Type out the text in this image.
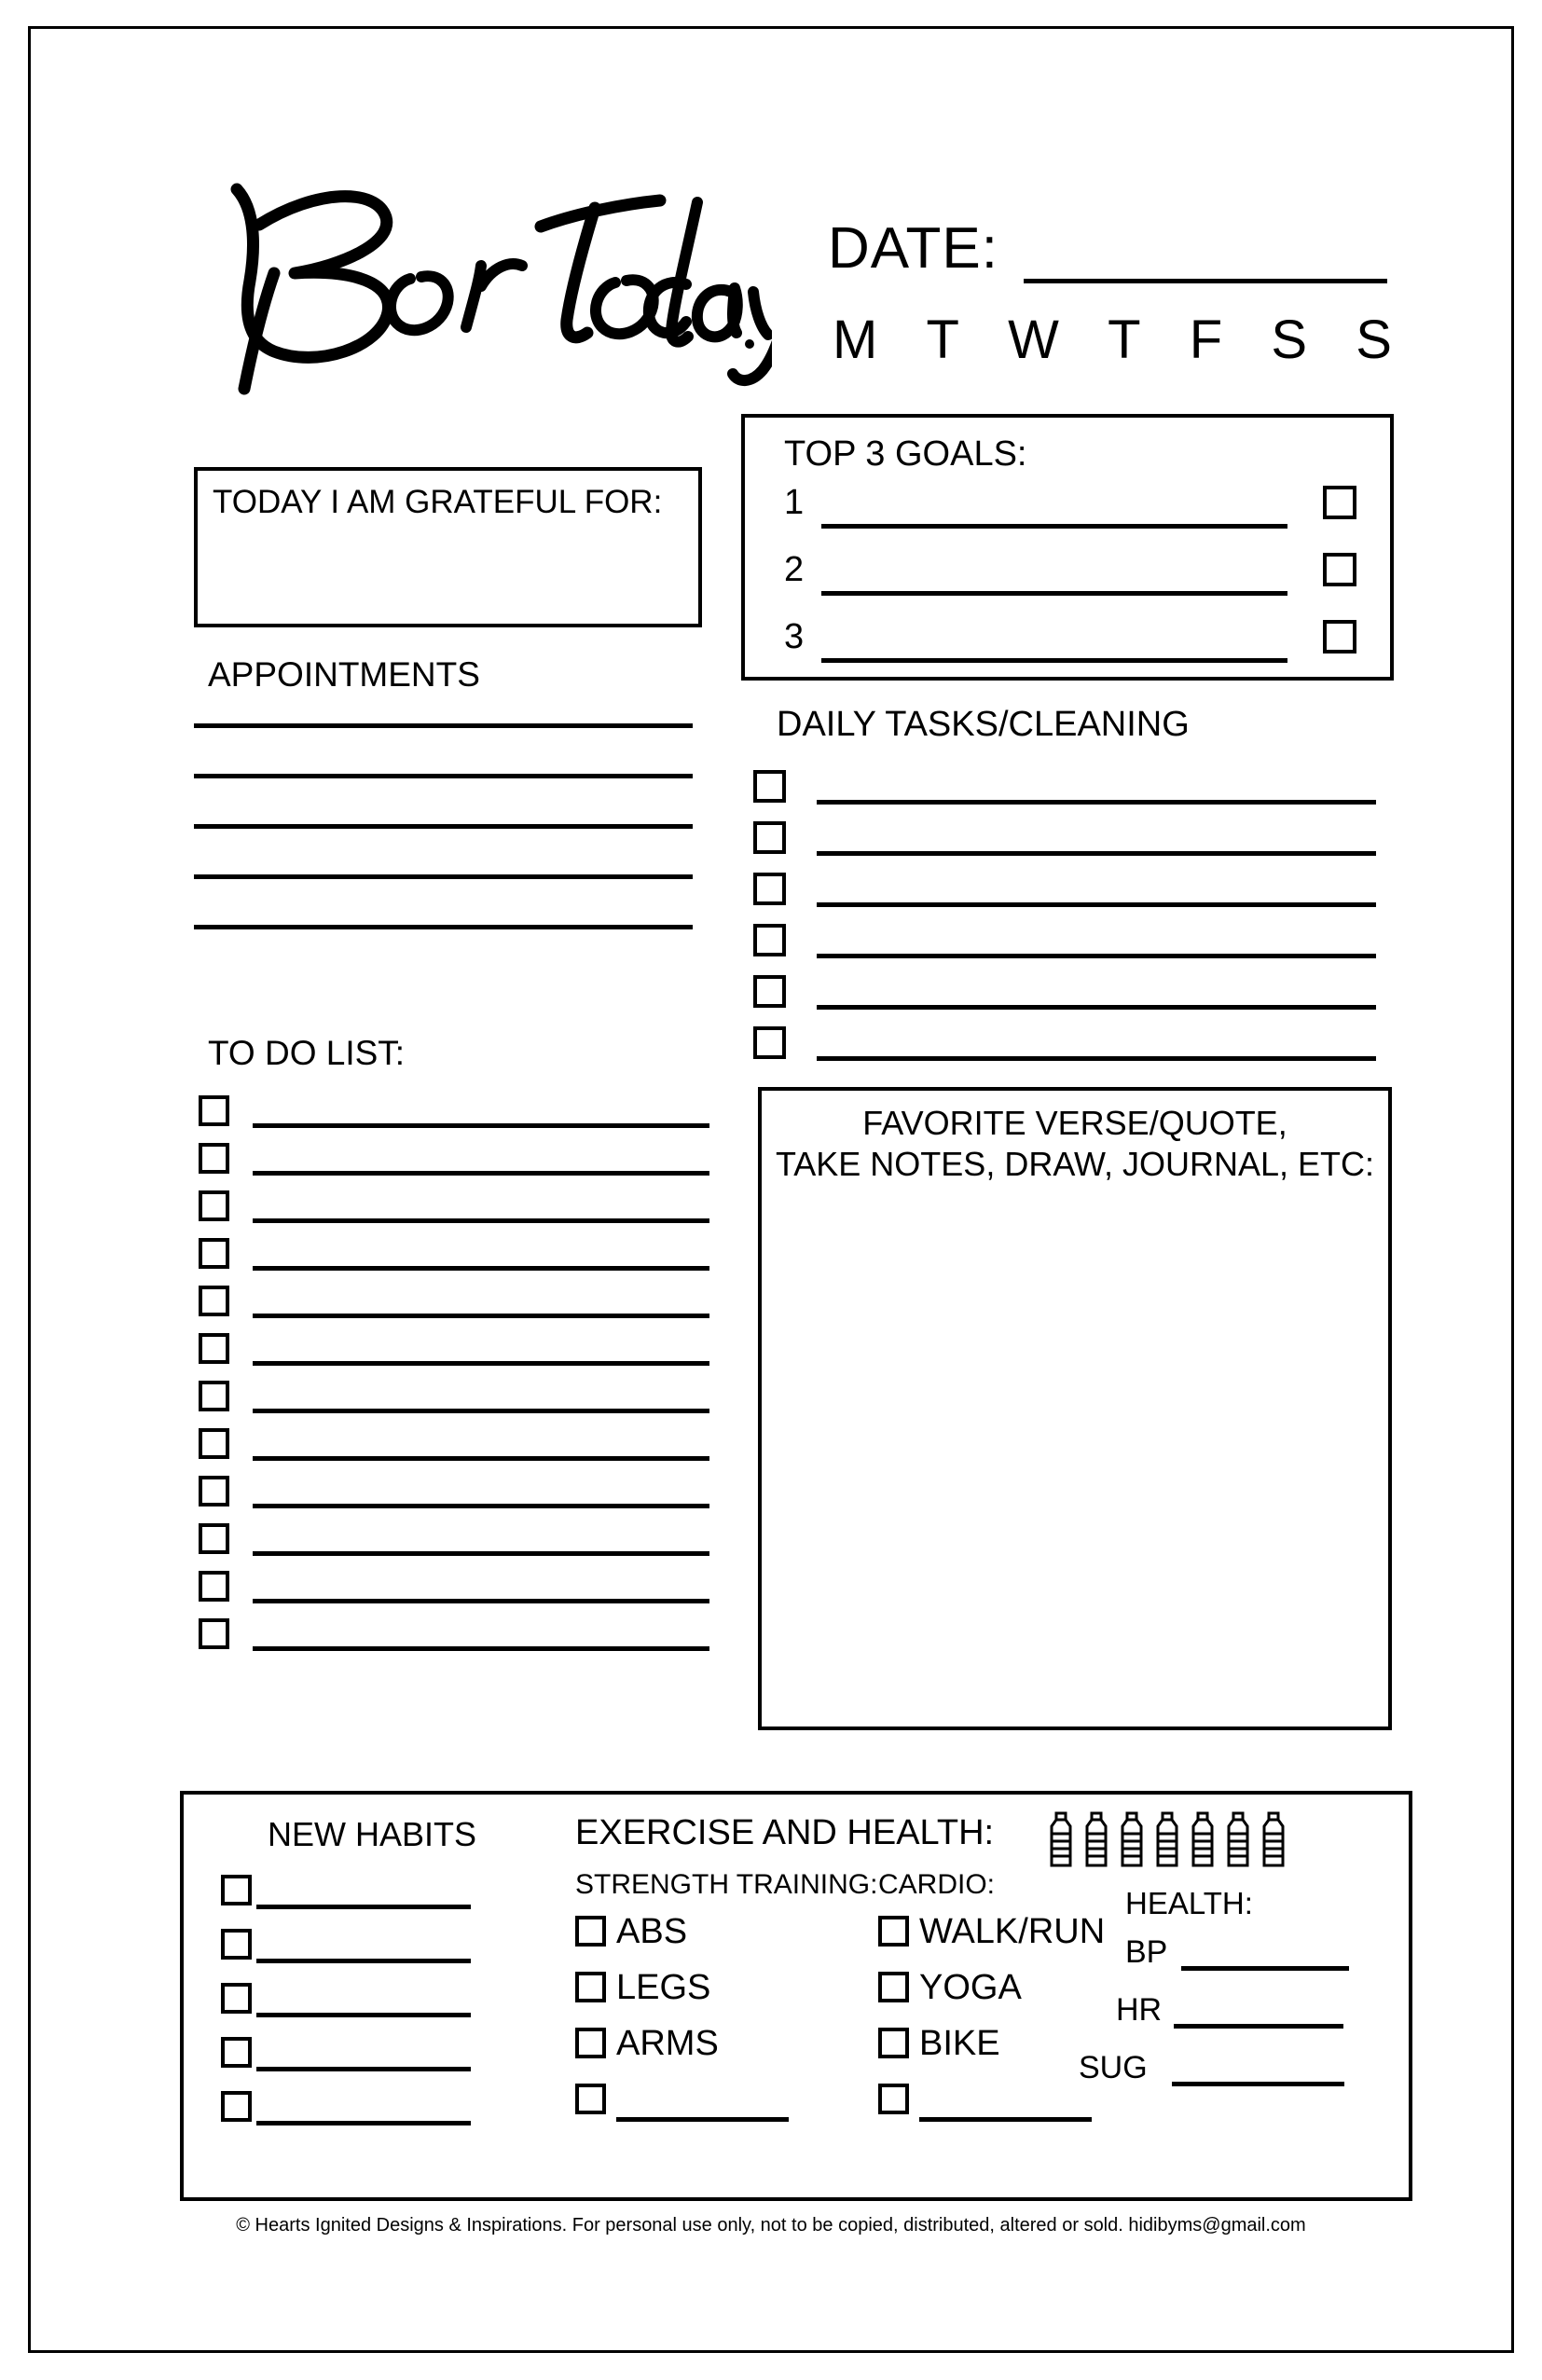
DATE:
M T W T F S S
TODAY I AM GRATEFUL FOR:
APPOINTMENTS
TO DO LIST:
TOP 3 GOALS:
1
2
3
DAILY TASKS/CLEANING
FAVORITE VERSE/QUOTE,
TAKE NOTES, DRAW, JOURNAL, ETC:
NEW HABITS	EXERCISE AND HEALTH:
STRENGTH TRAINING: CARDIO:
ABS
LEGS
ARMS
WALK/RUN
YOGA
BIKE
HEALTH:
BP
HR
SUG
© Hearts Ignited Designs & Inspirations. For personal use only, not to be copied, distributed, altered or sold. hidibyms@gmail.com
